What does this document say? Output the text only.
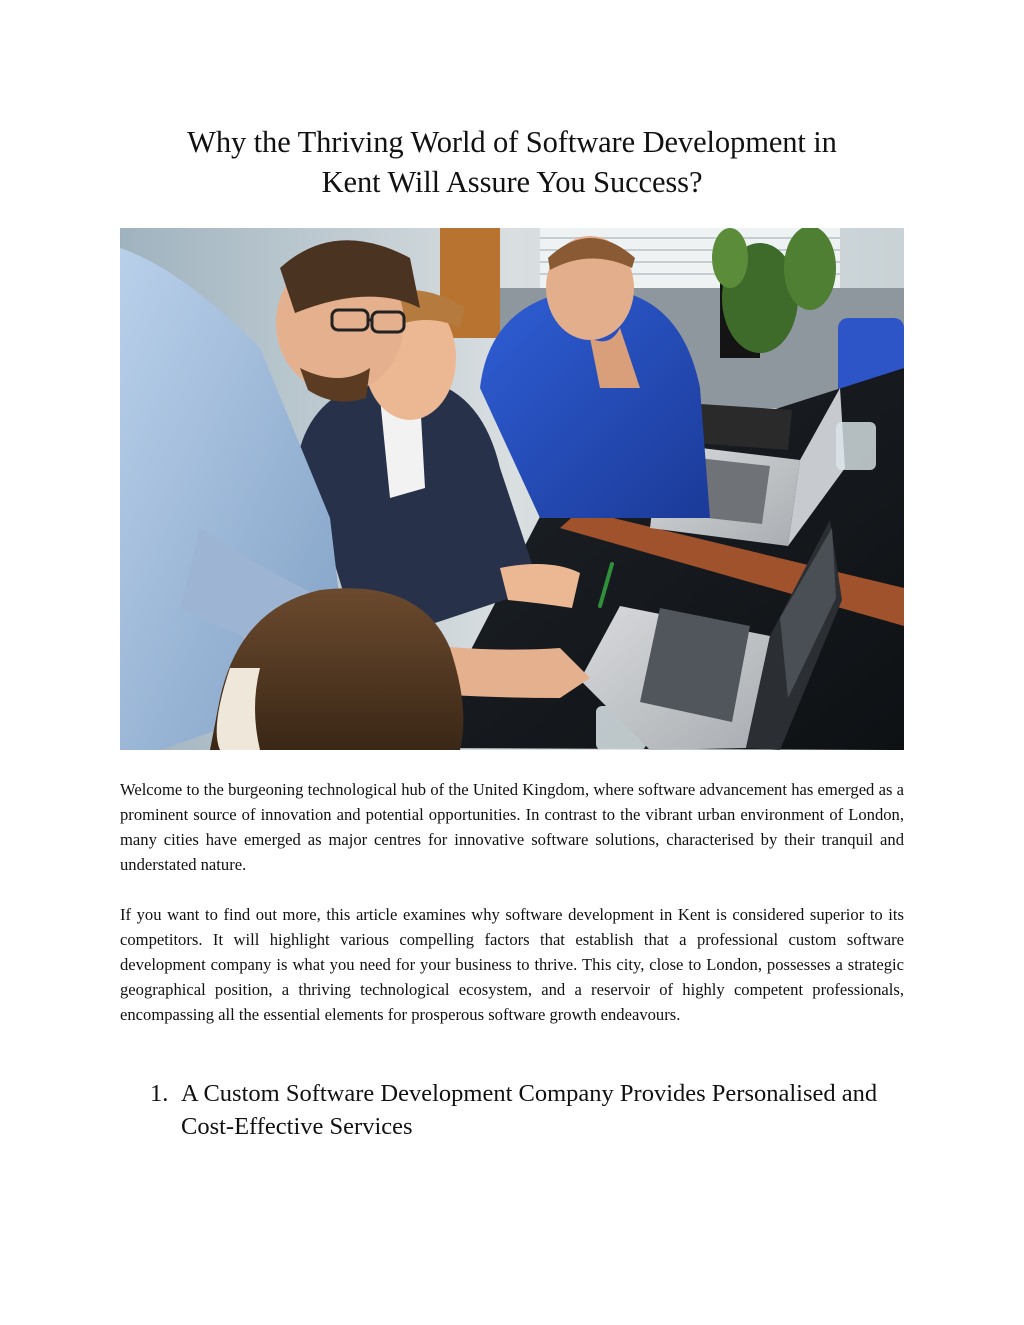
Why the Thriving World of Software Development in
Kent Will Assure You Success?

Welcome to the burgeoning technological hub of the United Kingdom, where software advancement has emerged as a prominent source of innovation and potential opportunities. In contrast to the vibrant urban environment of London, many cities have emerged as major centres for innovative software solutions, characterised by their tranquil and understated nature.

If you want to find out more, this article examines why software development in Kent is considered superior to its competitors. It will highlight various compelling factors that establish that a professional custom software development company is what you need for your business to thrive. This city, close to London, possesses a strategic geographical position, a thriving technological ecosystem, and a reservoir of highly competent professionals, encompassing all the essential elements for prosperous software growth endeavours.

1. A Custom Software Development Company Provides Personalised and Cost-Effective Services
